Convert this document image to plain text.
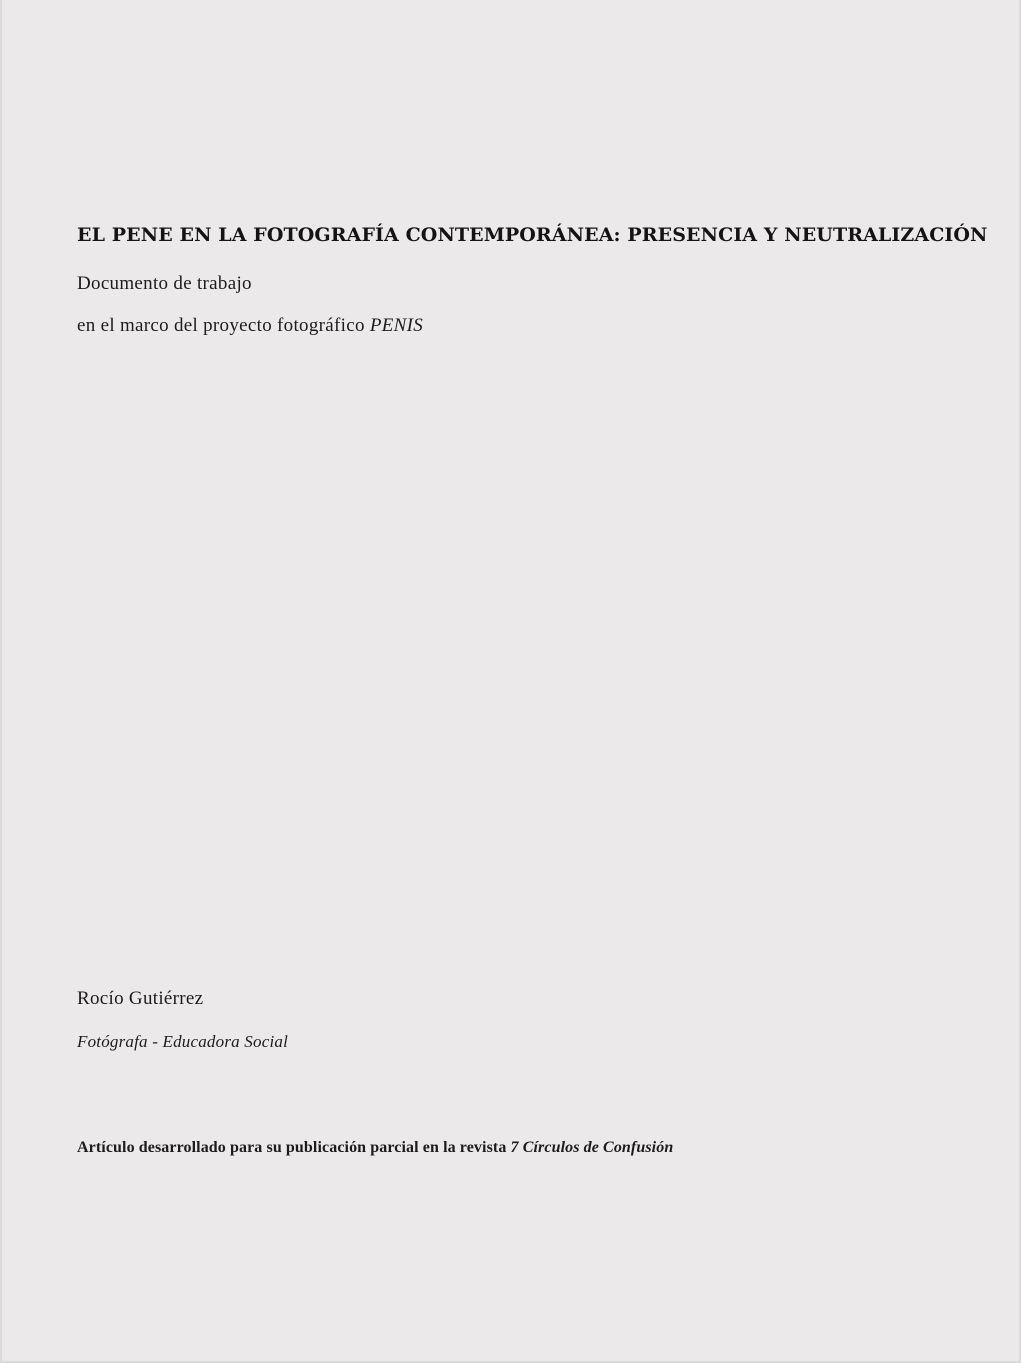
EL PENE EN LA FOTOGRAFÍA CONTEMPORÁNEA: PRESENCIA Y NEUTRALIZACIÓN
Documento de trabajo
en el marco del proyecto fotográfico PENIS
Rocío Gutiérrez
Fotógrafa - Educadora Social
Artículo desarrollado para su publicación parcial en la revista 7 Círculos de Confusión
